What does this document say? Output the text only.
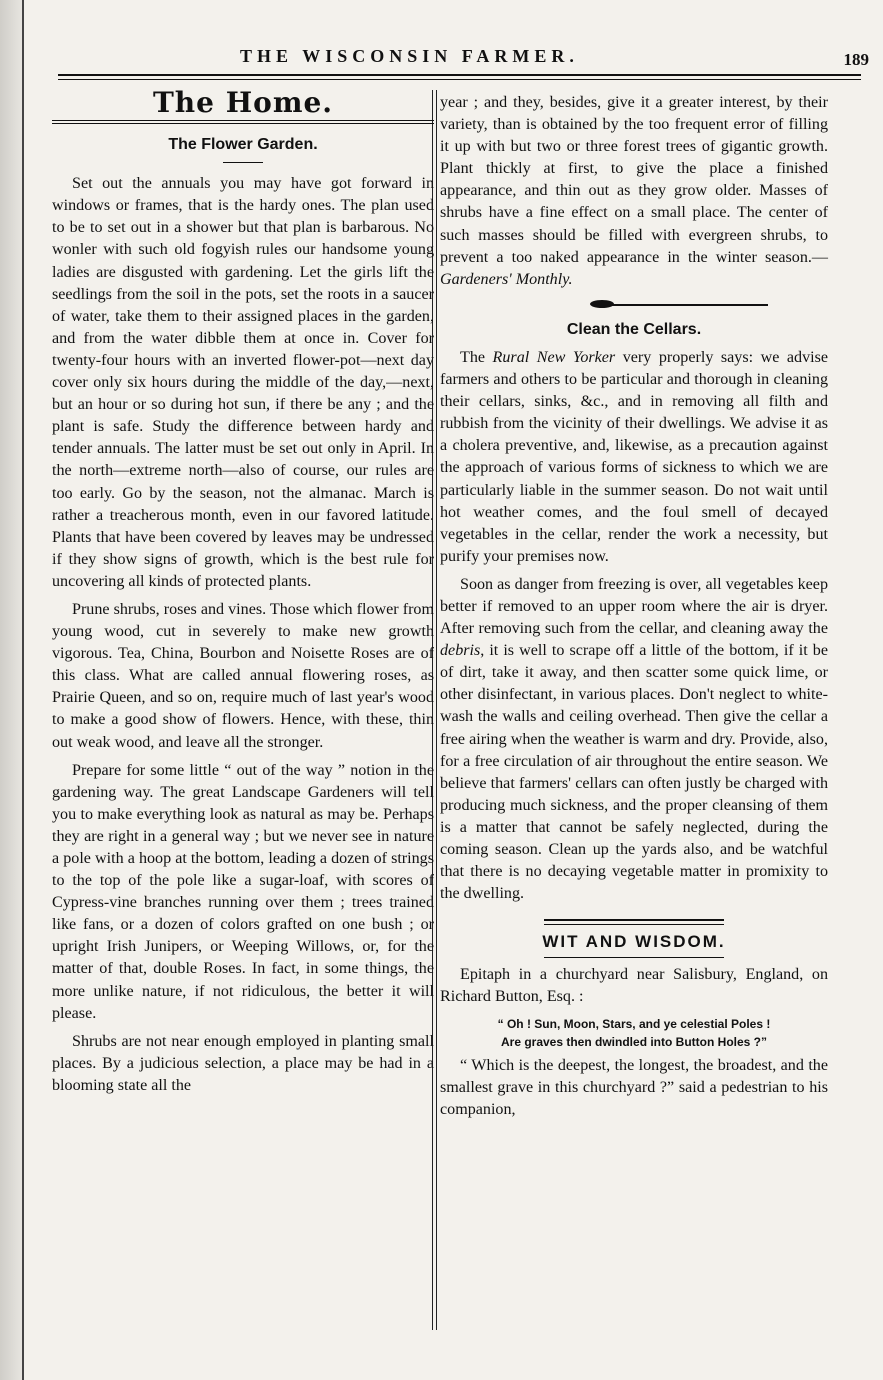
THE WISCONSIN FARMER.	189
The Home.
The Flower Garden.

Set out the annuals you may have got forward in windows or frames, that is the hardy ones. The plan used to be to set out in a shower but that plan is barbarous. No wonler with such old fogyish rules our handsome young ladies are disgusted with gardening. Let the girls lift the seedlings from the soil in the pots, set the roots in a saucer of water, take them to their assigned places in the garden, and from the water dibble them at once in. Cover for twenty-four hours with an inverted flower-pot—next day cover only six hours during the middle of the day,—next, but an hour or so during hot sun, if there be any ; and the plant is safe. Study the difference between hardy and tender annuals. The latter must be set out only in April. In the north—extreme north—also of course, our rules are too early. Go by the season, not the almanac. March is rather a treacherous month, even in our favored latitude. Plants that have been covered by leaves may be undressed if they show signs of growth, which is the best rule for uncovering all kinds of protected plants.

Prune shrubs, roses and vines. Those which flower from young wood, cut in severely to make new growth vigorous. Tea, China, Bourbon and Noisette Roses are of this class. What are called annual flowering roses, as Prairie Queen, and so on, require much of last year's wood to make a good show of flowers. Hence, with these, thin out weak wood, and leave all the stronger.

Prepare for some little “ out of the way ” notion in the gardening way. The great Landscape Gardeners will tell you to make everything look as natural as may be. Perhaps they are right in a general way ; but we never see in nature a pole with a hoop at the bottom, leading a dozen of strings to the top of the pole like a sugar-loaf, with scores of Cypress-vine branches running over them ; trees trained like fans, or a dozen of colors grafted on one bush ; or upright Irish Junipers, or Weeping Willows, or, for the matter of that, double Roses. In fact, in some things, the more unlike nature, if not ridiculous, the better it will please.

Shrubs are not near enough employed in planting small places. By a judicious selection, a place may be had in a blooming state all the

year ; and they, besides, give it a greater interest, by their variety, than is obtained by the too frequent error of filling it up with but two or three forest trees of gigantic growth. Plant thickly at first, to give the place a finished appearance, and thin out as they grow older. Masses of shrubs have a fine effect on a small place. The center of such masses should be filled with evergreen shrubs, to prevent a too naked appearance in the winter season.—Gardeners' Monthly.

Clean the Cellars.

The Rural New Yorker very properly says: we advise farmers and others to be particular and thorough in cleaning their cellars, sinks, &c., and in removing all filth and rubbish from the vicinity of their dwellings. We advise it as a cholera preventive, and, likewise, as a precaution against the approach of various forms of sickness to which we are particularly liable in the summer season. Do not wait until hot weather comes, and the foul smell of decayed vegetables in the cellar, render the work a necessity, but purify your premises now.

Soon as danger from freezing is over, all vegetables keep better if removed to an upper room where the air is dryer. After removing such from the cellar, and cleaning away the debris, it is well to scrape off a little of the bottom, if it be of dirt, take it away, and then scatter some quick lime, or other disinfectant, in various places. Don't neglect to white-wash the walls and ceiling overhead. Then give the cellar a free airing when the weather is warm and dry. Provide, also, for a free circulation of air throughout the entire season. We believe that farmers' cellars can often justly be charged with producing much sickness, and the proper cleansing of them is a matter that cannot be safely neglected, during the coming season. Clean up the yards also, and be watchful that there is no decaying vegetable matter in promixity to the dwelling.

WIT AND WISDOM.

Epitaph in a churchyard near Salisbury, England, on Richard Button, Esq. :

“ Oh ! Sun, Moon, Stars, and ye celestial Poles !
Are graves then dwindled into Button Holes ?”

“ Which is the deepest, the longest, the broadest, and the smallest grave in this churchyard ?” said a pedestrian to his companion,
